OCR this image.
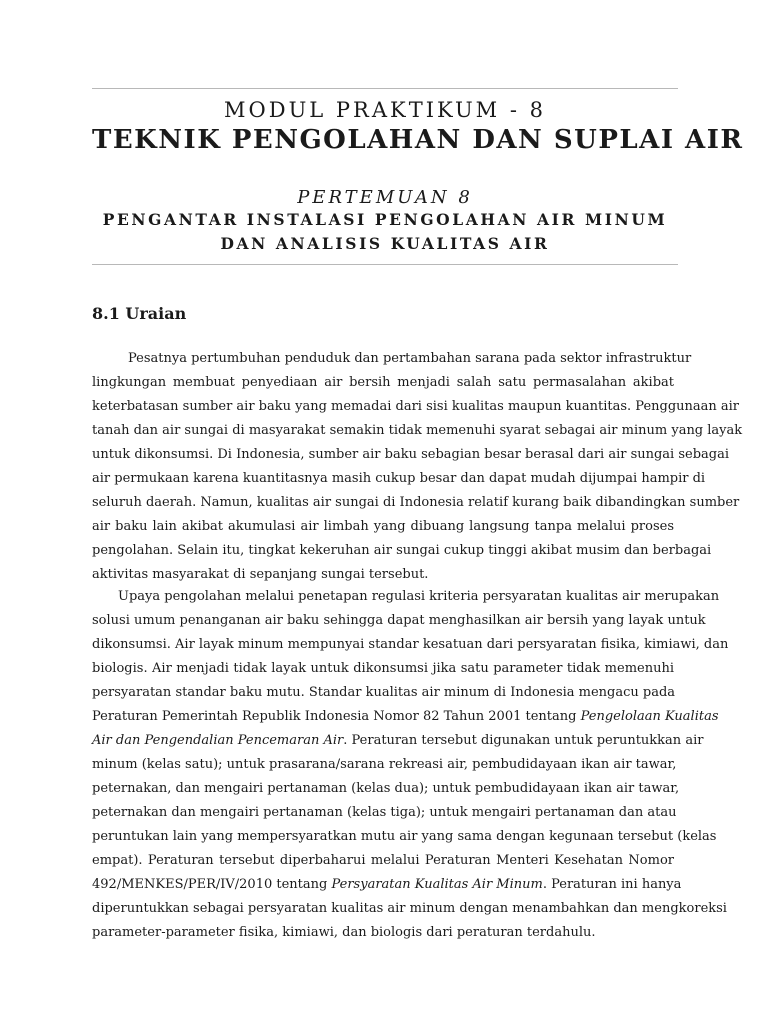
MODUL PRAKTIKUM - 8
TEKNIK PENGOLAHAN DAN SUPLAI AIR
PERTEMUAN 8
PENGANTAR INSTALASI PENGOLAHAN AIR MINUM
DAN ANALISIS KUALITAS AIR
8.1 Uraian
Pesatnya pertumbuhan penduduk dan pertambahan sarana pada sektor infrastruktur
lingkungan membuat penyediaan air bersih menjadi salah satu permasalahan akibat
keterbatasan sumber air baku yang memadai dari sisi kualitas maupun kuantitas. Penggunaan air
tanah dan air sungai di masyarakat semakin tidak memenuhi syarat sebagai air minum yang layak
untuk dikonsumsi. Di Indonesia, sumber air baku sebagian besar berasal dari air sungai sebagai
air permukaan karena kuantitasnya masih cukup besar dan dapat mudah dijumpai hampir di
seluruh daerah. Namun, kualitas air sungai di Indonesia relatif kurang baik dibandingkan sumber
air baku lain akibat akumulasi air limbah yang dibuang langsung tanpa melalui proses
pengolahan. Selain itu, tingkat kekeruhan air sungai cukup tinggi akibat musim dan berbagai
aktivitas masyarakat di sepanjang sungai tersebut.
Upaya pengolahan melalui penetapan regulasi kriteria persyaratan kualitas air merupakan
solusi umum penanganan air baku sehingga dapat menghasilkan air bersih yang layak untuk
dikonsumsi. Air layak minum mempunyai standar kesatuan dari persyaratan fisika, kimiawi, dan
biologis. Air menjadi tidak layak untuk dikonsumsi jika satu parameter tidak memenuhi
persyaratan standar baku mutu. Standar kualitas air minum di Indonesia mengacu pada
Peraturan Pemerintah Republik Indonesia Nomor 82 Tahun 2001 tentang Pengelolaan Kualitas
Air dan Pengendalian Pencemaran Air. Peraturan tersebut digunakan untuk peruntukkan air
minum (kelas satu); untuk prasarana/sarana rekreasi air, pembudidayaan ikan air tawar,
peternakan, dan mengairi pertanaman (kelas dua); untuk pembudidayaan ikan air tawar,
peternakan dan mengairi pertanaman (kelas tiga); untuk mengairi pertanaman dan atau
peruntukan lain yang mempersyaratkan mutu air yang sama dengan kegunaan tersebut (kelas
empat). Peraturan tersebut diperbaharui melalui Peraturan Menteri Kesehatan Nomor
492/MENKES/PER/IV/2010 tentang Persyaratan Kualitas Air Minum. Peraturan ini hanya
diperuntukkan sebagai persyaratan kualitas air minum dengan menambahkan dan mengkoreksi
parameter-parameter fisika, kimiawi, dan biologis dari peraturan terdahulu.
